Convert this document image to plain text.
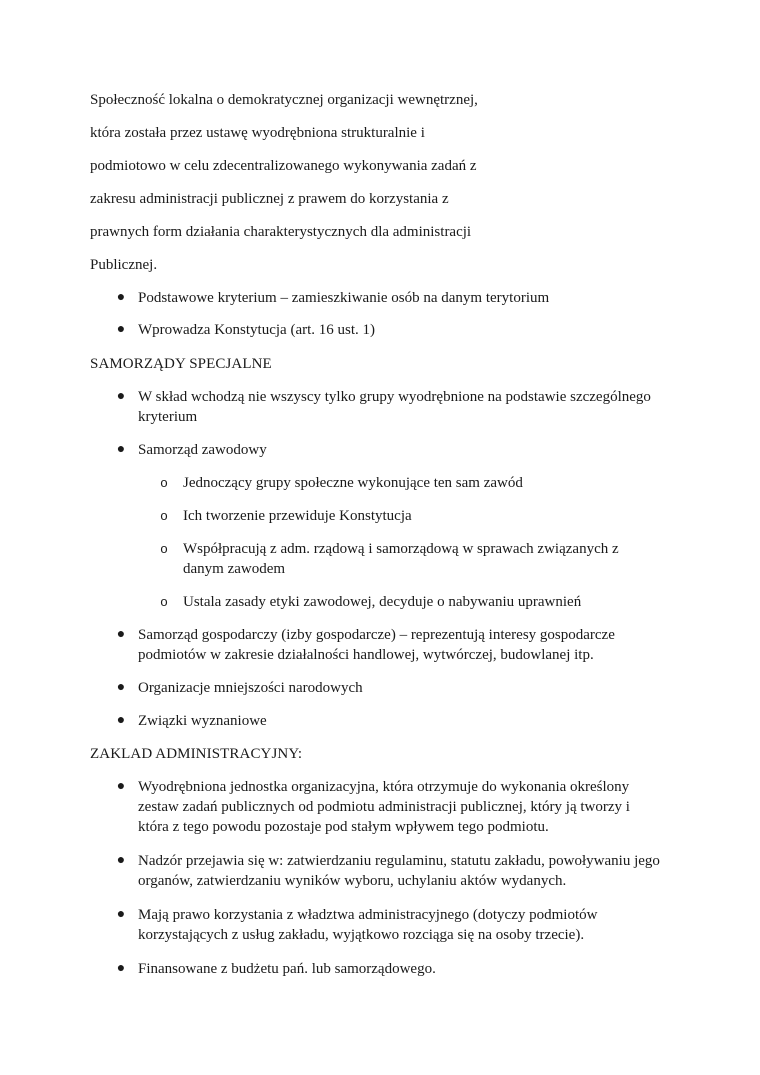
Społeczność lokalna o demokratycznej organizacji wewnętrznej,

która została przez ustawę wyodrębniona strukturalnie i

podmiotowo w celu zdecentralizowanego wykonywania zadań z

zakresu administracji publicznej z prawem do korzystania z

prawnych form działania charakterystycznych dla administracji

Publicznej.

● Podstawowe kryterium – zamieszkiwanie osób na danym terytorium
● Wprowadza Konstytucja (art. 16 ust. 1)

SAMORZĄDY SPECJALNE

● W skład wchodzą nie wszyscy tylko grupy wyodrębnione na podstawie szczególnego
kryterium
● Samorząd zawodowy
o Jednoczący grupy społeczne wykonujące ten sam zawód
o Ich tworzenie przewiduje Konstytucja
o Współpracują z adm. rządową i samorządową w sprawach związanych z
danym zawodem
o Ustala zasady etyki zawodowej, decyduje o nabywaniu uprawnień
● Samorząd gospodarczy (izby gospodarcze) – reprezentują interesy gospodarcze
podmiotów w zakresie działalności handlowej, wytwórczej, budowlanej itp.
● Organizacje mniejszości narodowych
● Związki wyznaniowe

ZAKLAD ADMINISTRACYJNY:

● Wyodrębniona jednostka organizacyjna, która otrzymuje do wykonania określony
zestaw zadań publicznych od podmiotu administracji publicznej, który ją tworzy i
która z tego powodu pozostaje pod stałym wpływem tego podmiotu.
● Nadzór przejawia się w: zatwierdzaniu regulaminu, statutu zakładu, powoływaniu jego
organów, zatwierdzaniu wyników wyboru, uchylaniu aktów wydanych.
● Mają prawo korzystania z władztwa administracyjnego (dotyczy podmiotów
korzystających z usług zakładu, wyjątkowo rozciąga się na osoby trzecie).
● Finansowane z budżetu pań. lub samorządowego.
